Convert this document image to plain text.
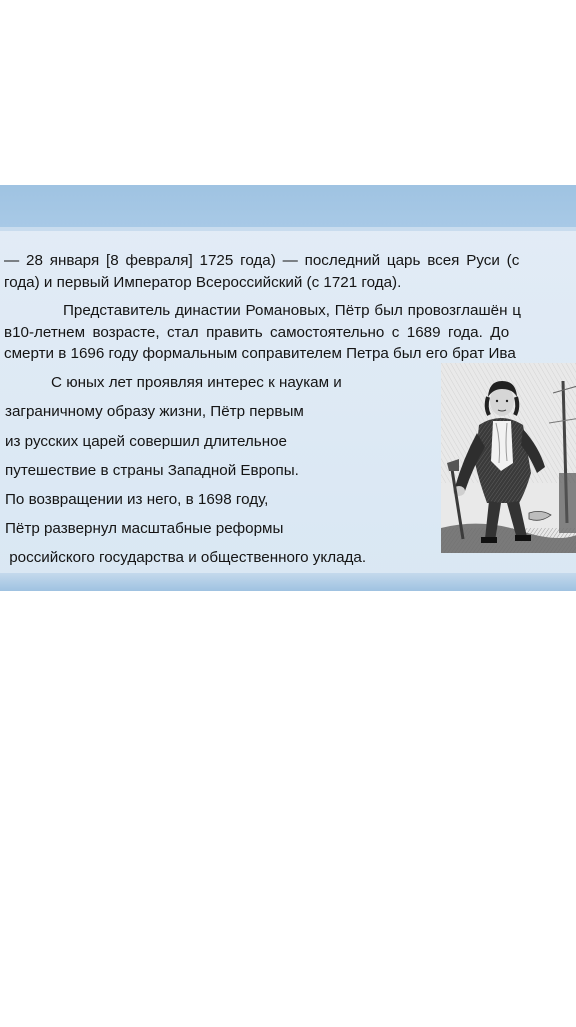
— 28 января [8 февраля] 1725 года) — последний царь всея Руси (с
года) и первый Император Всероссийский (с 1721 года).
Представитель династии Романовых, Пётр был провозглашён ц
в10-летнем возрасте, стал править самостоятельно с 1689 года. До
смерти в 1696 году формальным соправителем Петра был его брат Ива
С юных лет проявляя интерес к наукам и
заграничному образу жизни, Пётр первым
из русских царей совершил длительное
путешествие в страны Западной Европы.
По возвращении из него, в 1698 году,
Пётр развернул масштабные реформы
российского государства и общественного уклада.
